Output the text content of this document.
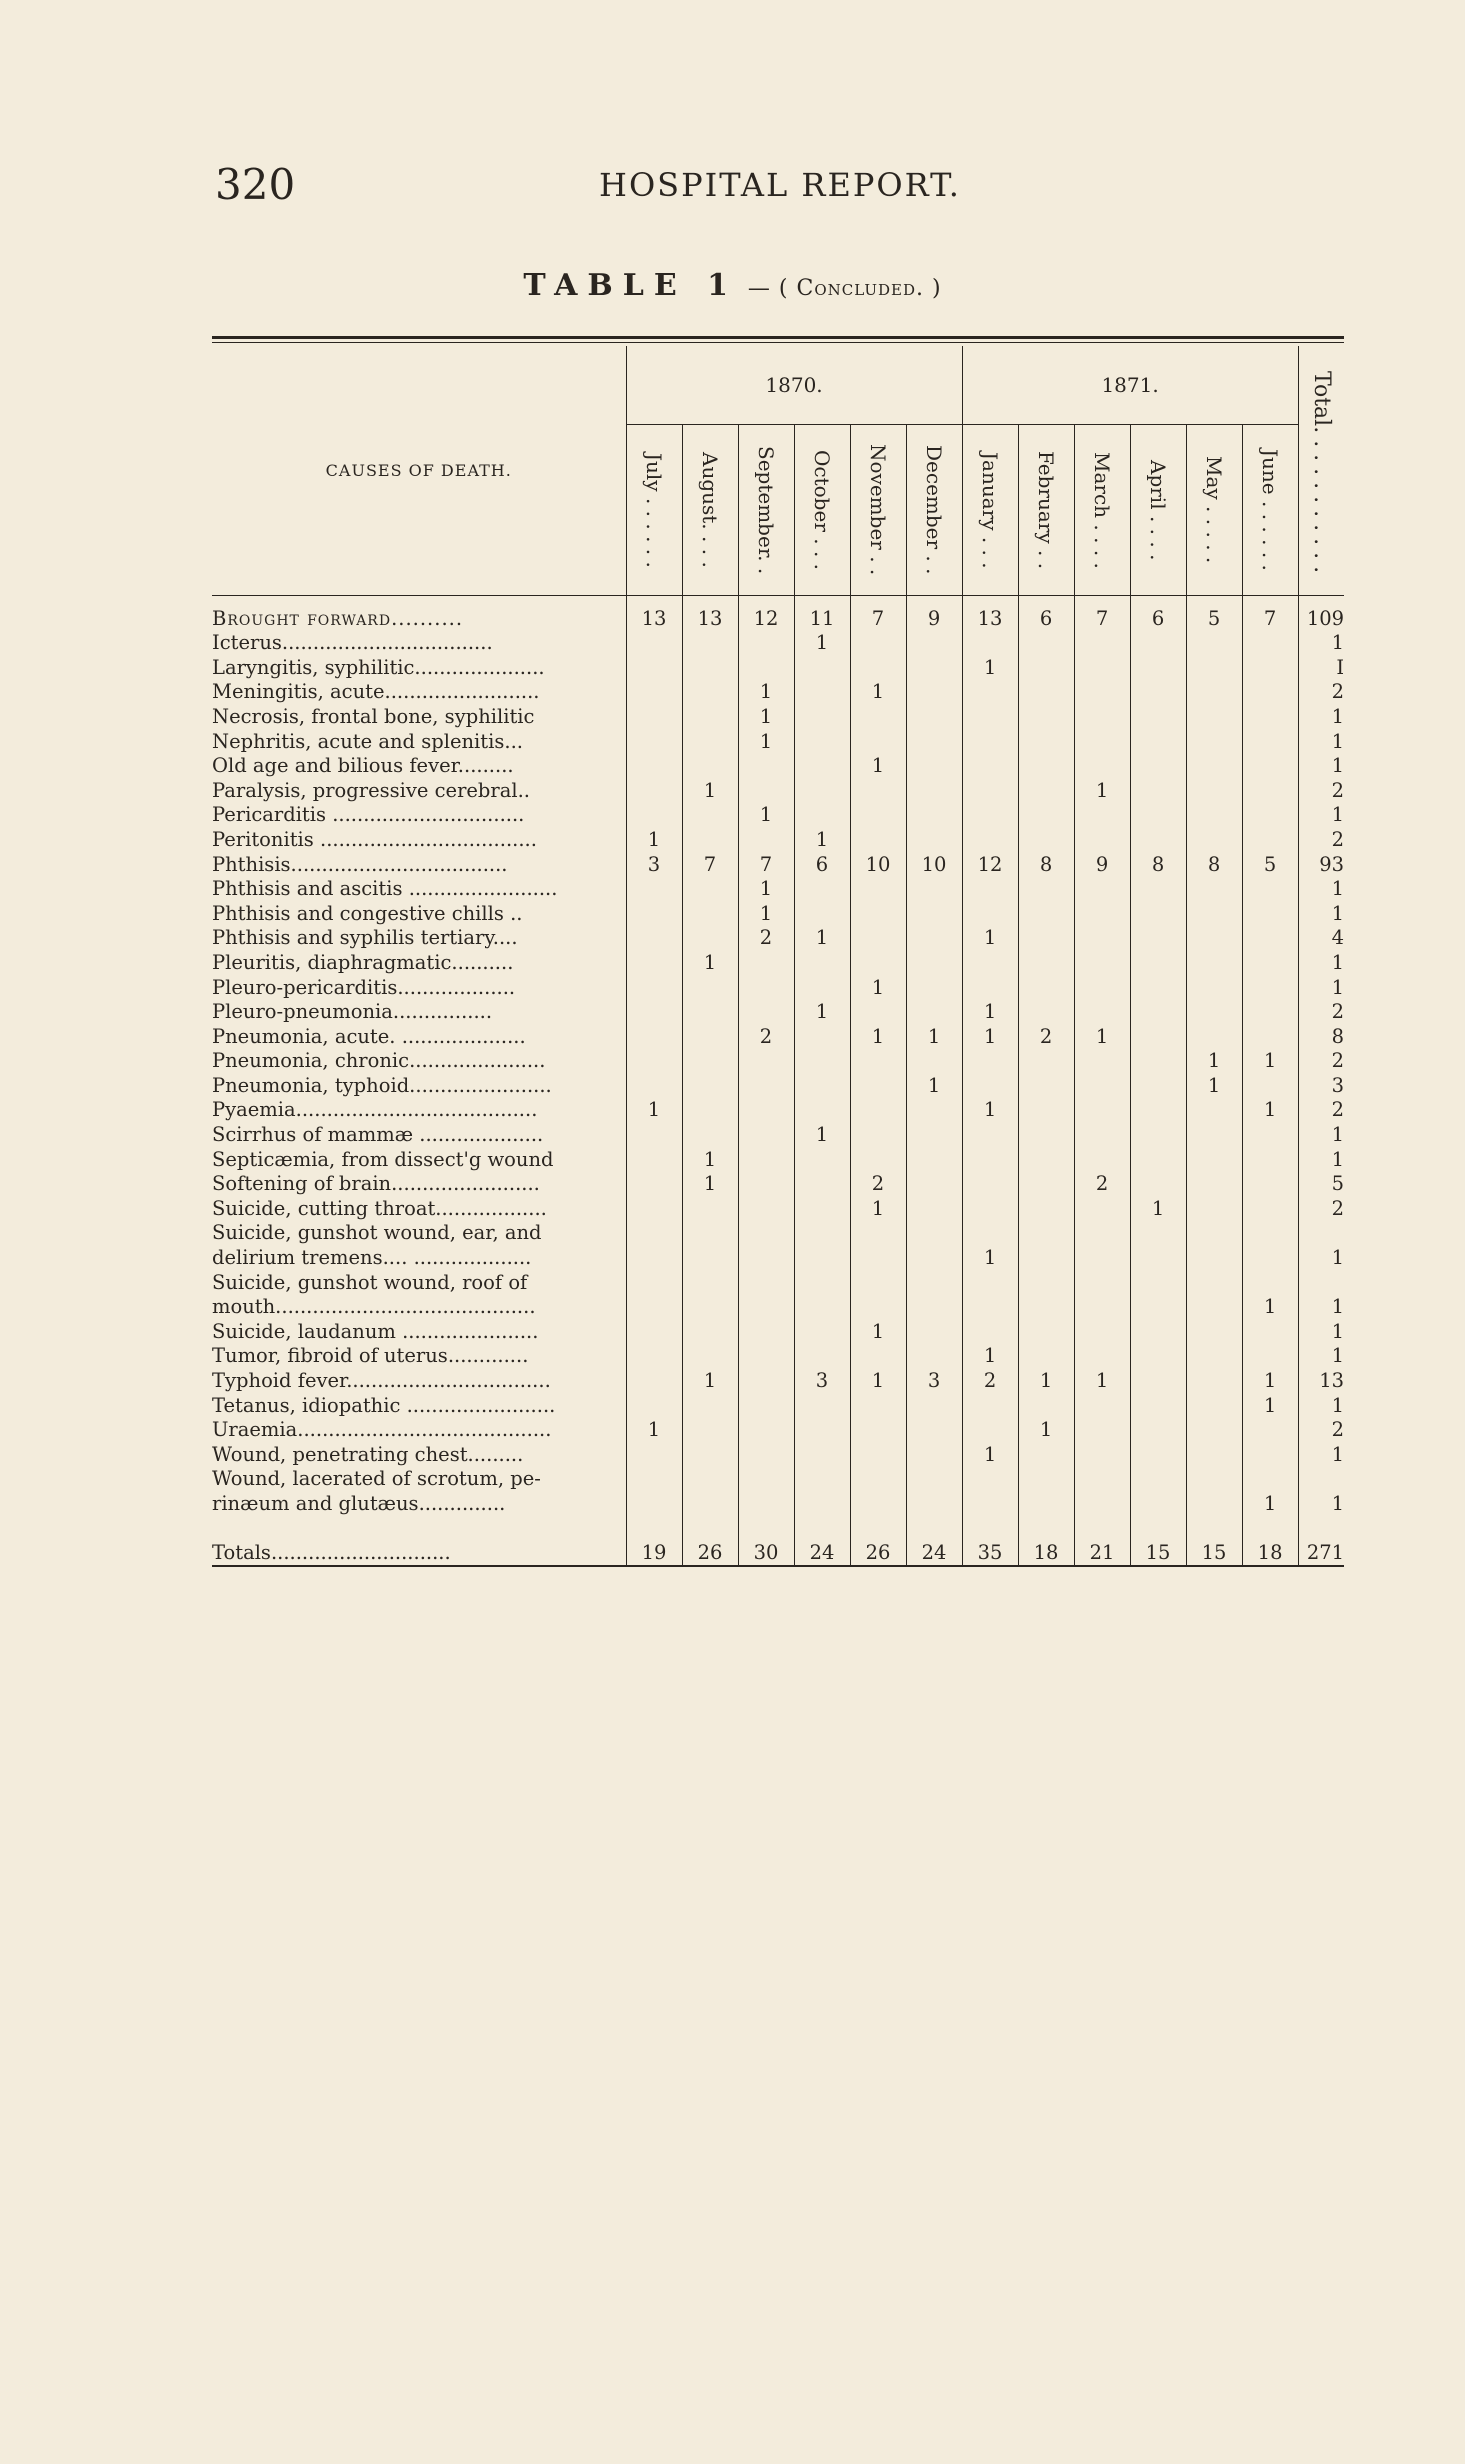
320	HOSPITAL REPORT.
TABLE 1 — ( Concluded. )
CAUSES OF DEATH.	1870.						1871.						Total. . . . . . . . . . .

	July . . . . . .	August. . . .	September. .	October . . .	November . .	December . .	January . . .	February . .	March . . . .	April . . . .	May . . . . .	June . . . . . .	

Brought forward..........	13	13	12	11	7	9	13	6	7	6	5	7	109
Icterus..................................				1									1
Laryngitis, syphilitic.....................							1						I
Meningitis, acute.........................			1		1								2
Necrosis, frontal bone, syphilitic			1										1
Nephritis, acute and splenitis...			1										1
Old age and bilious fever.........					1								1
Paralysis, progressive cerebral..		1							1				2
Pericarditis ...............................			1										1
Peritonitis ...................................	1			1									2
Phthisis...................................	3	7	7	6	10	10	12	8	9	8	8	5	93
Phthisis and ascitis ........................			1										1
Phthisis and congestive chills ..			1										1
Phthisis and syphilis tertiary....			2	1			1						4
Pleuritis, diaphragmatic..........		1											1
Pleuro-pericarditis...................					1								1
Pleuro-pneumonia................				1			1						2
Pneumonia, acute. ....................			2		1	1	1	2	1				8
Pneumonia, chronic......................											1	1	2
Pneumonia, typhoid.......................						1					1		3
Pyaemia.......................................	1						1					1	2
Scirrhus of mammæ ....................				1									1
Septicæmia, from dissect'g wound		1											1
Softening of brain........................		1			2				2				5
Suicide, cutting throat..................					1					1			2
Suicide, gunshot wound, ear, and													
delirium tremens.... ...................							1						1
Suicide, gunshot wound, roof of													
mouth..........................................												1	1
Suicide, laudanum ......................					1								1
Tumor, fibroid of uterus.............							1						1
Typhoid fever.................................		1		3	1	3	2	1	1			1	13
Tetanus, idiopathic ........................												1	1
Uraemia.........................................	1							1					2
Wound, penetrating chest.........							1						1
Wound, lacerated of scrotum, pe-													
rinæum and glutæus..............												1	1

Totals.............................	19	26	30	24	26	24	35	18	21	15	15	18	271
